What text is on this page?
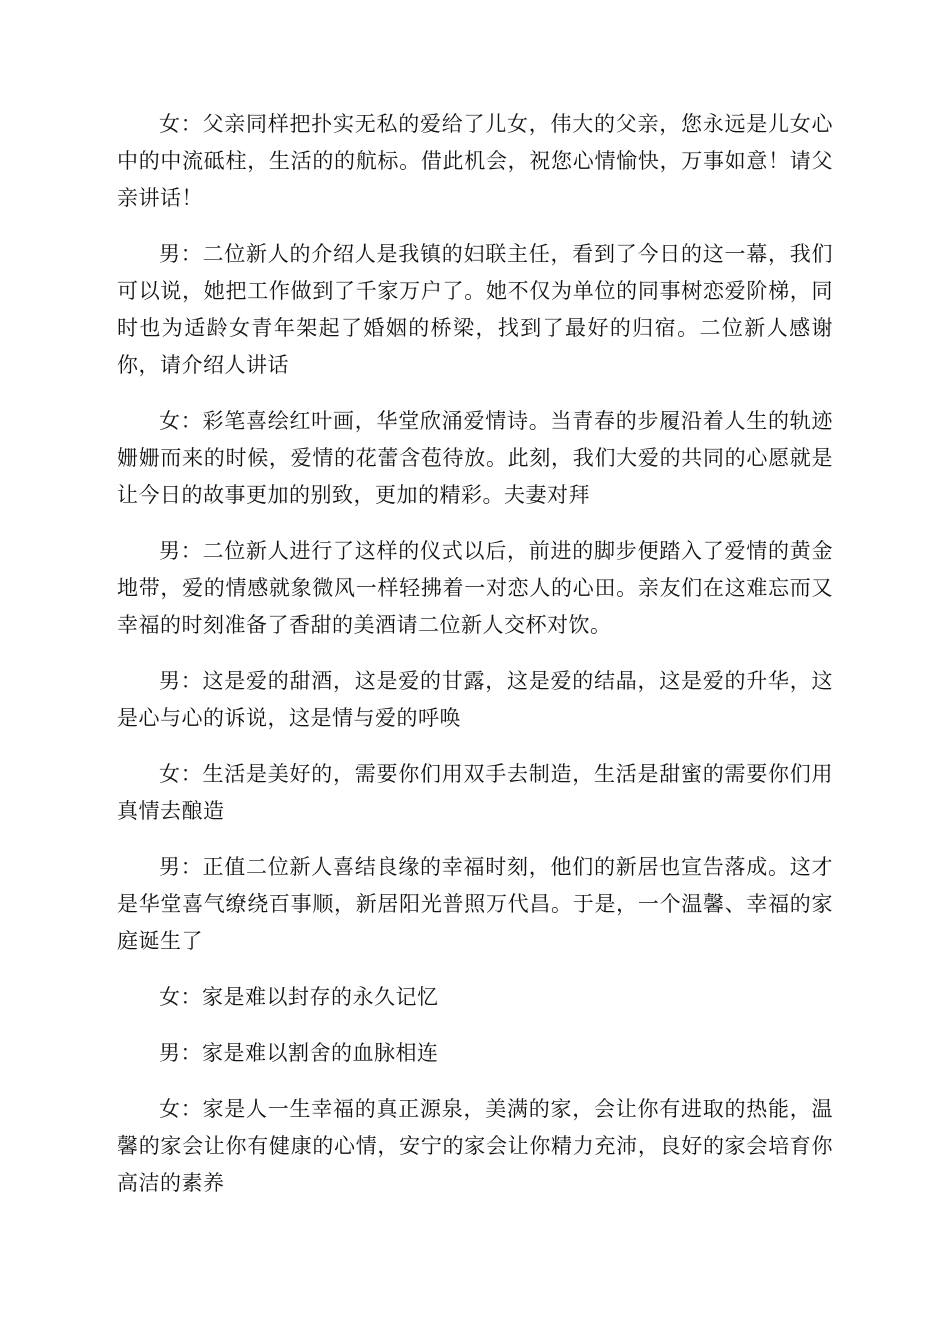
女：父亲同样把扑实无私的爱给了儿女，伟大的父亲，您永远是儿女心中的中流砥柱，生活的的航标。借此机会，祝您心情愉快，万事如意！请父亲讲话！

男：二位新人的介绍人是我镇的妇联主任，看到了今日的这一幕，我们可以说，她把工作做到了千家万户了。她不仅为单位的同事树恋爱阶梯，同时也为适龄女青年架起了婚姻的桥梁，找到了最好的归宿。二位新人感谢你，请介绍人讲话

女：彩笔喜绘红叶画，华堂欣涌爱情诗。当青春的步履沿着人生的轨迹姗姗而来的时候，爱情的花蕾含苞待放。此刻，我们大爱的共同的心愿就是让今日的故事更加的别致，更加的精彩。夫妻对拜

男：二位新人进行了这样的仪式以后，前进的脚步便踏入了爱情的黄金地带，爱的情感就象微风一样轻拂着一对恋人的心田。亲友们在这难忘而又幸福的时刻准备了香甜的美酒请二位新人交杯对饮。

男：这是爱的甜酒，这是爱的甘露，这是爱的结晶，这是爱的升华，这是心与心的诉说，这是情与爱的呼唤

女：生活是美好的，需要你们用双手去制造，生活是甜蜜的需要你们用真情去酿造

男：正值二位新人喜结良缘的幸福时刻，他们的新居也宣告落成。这才是华堂喜气缭绕百事顺，新居阳光普照万代昌。于是，一个温馨、幸福的家庭诞生了

女：家是难以封存的永久记忆

男：家是难以割舍的血脉相连

女：家是人一生幸福的真正源泉，美满的家，会让你有进取的热能，温馨的家会让你有健康的心情，安宁的家会让你精力充沛，良好的家会培育你高洁的素养
